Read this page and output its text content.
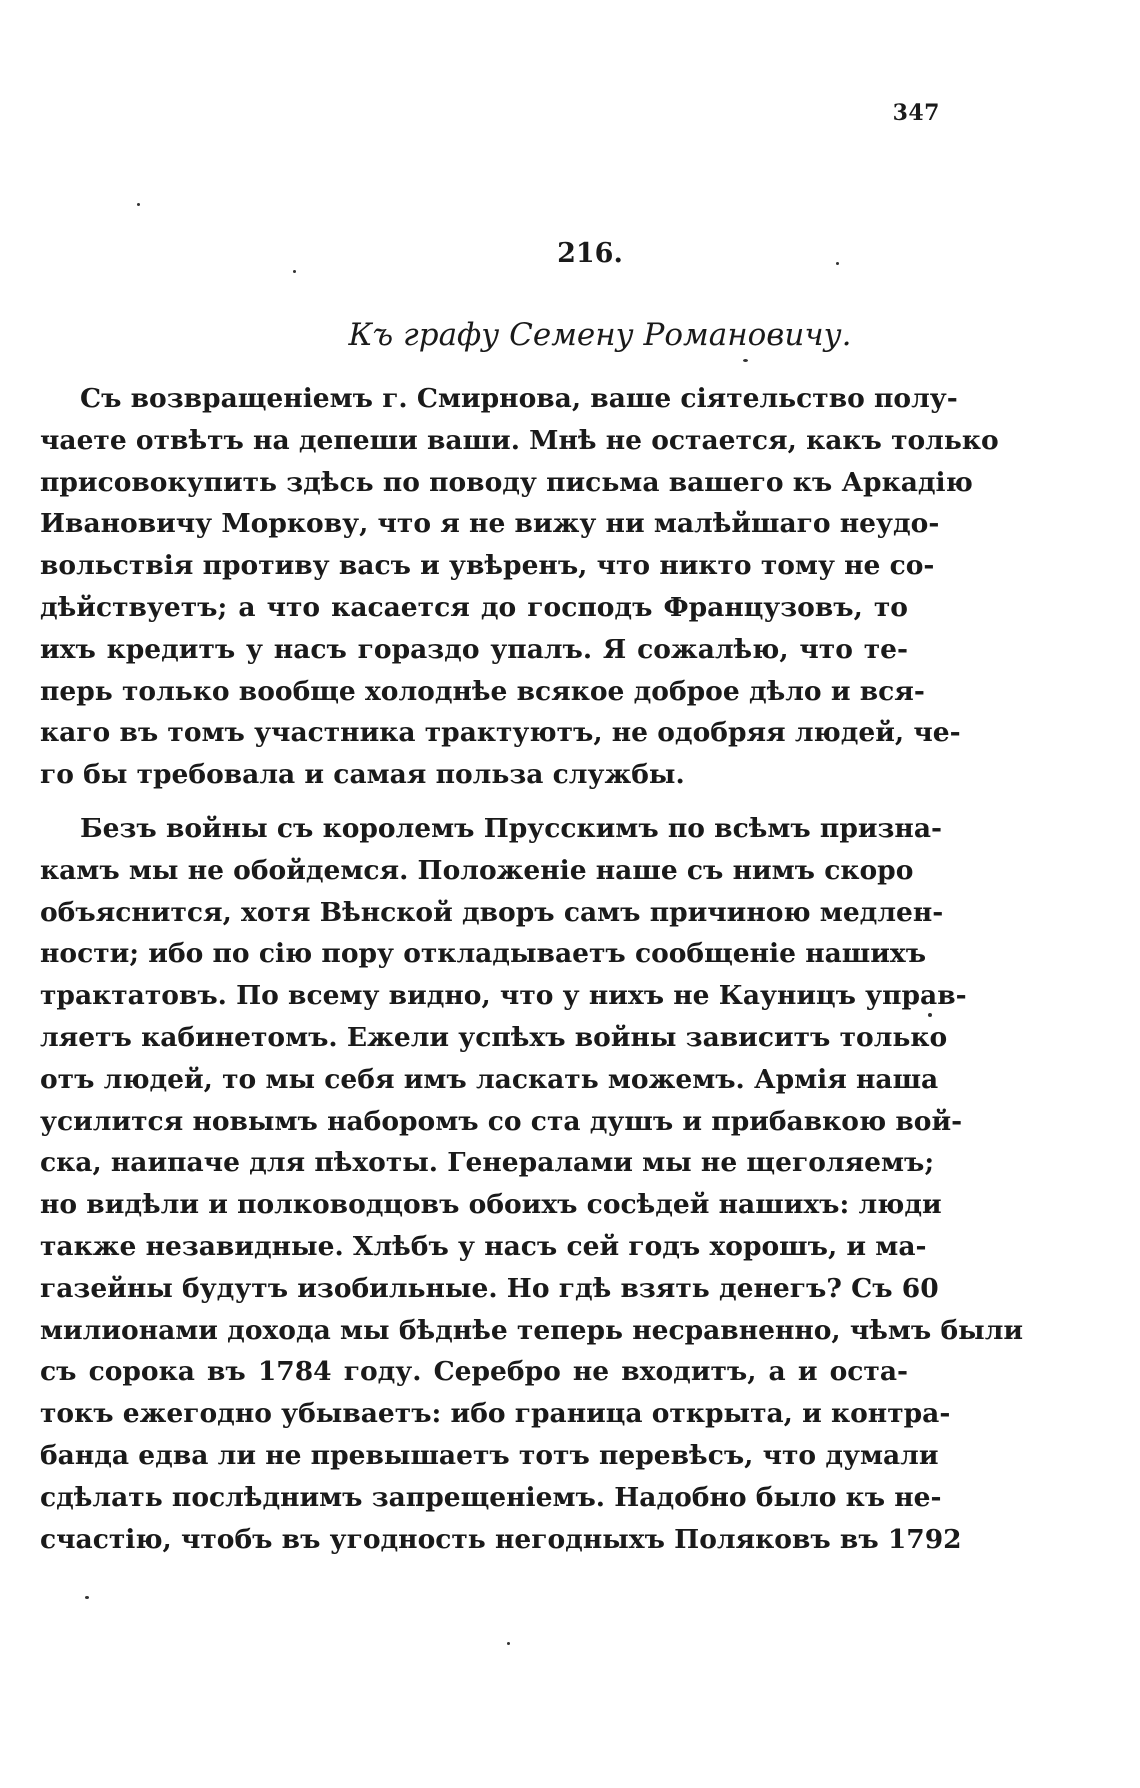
347
216.
Къ графу Семену Романовичу.
Съ возвращеніемъ г. Смирнова, ваше сіятельство полу-
чаете отвѣтъ на депеши ваши. Мнѣ не остается, какъ только
присовокупить здѣсь по поводу письма вашего къ Аркадію
Ивановичу Моркову, что я не вижу ни малѣйшаго неудо-
вольствія противу васъ и увѣренъ, что никто тому не со-
дѣйствуетъ; а что касается до господъ Французовъ, то
ихъ кредитъ у насъ гораздо упалъ. Я сожалѣю, что те-
перь только вообще холоднѣе всякое доброе дѣло и вся-
каго въ томъ участника трактуютъ, не одобряя людей, че-
го бы требовала и самая польза службы.
Безъ войны съ королемъ Прусскимъ по всѣмъ призна-
камъ мы не обойдемся. Положеніе наше съ нимъ скоро
объяснится, хотя Вѣнской дворъ самъ причиною медлен-
ности; ибо по сію пору откладываетъ сообщеніе нашихъ
трактатовъ. По всему видно, что у нихъ не Кауницъ управ-
ляетъ кабинетомъ. Ежели успѣхъ войны зависитъ только
отъ людей, то мы себя имъ ласкать можемъ. Армія наша
усилится новымъ наборомъ со ста душъ и прибавкою вой-
ска, наипаче для пѣхоты. Генералами мы не щеголяемъ;
но видѣли и полководцовъ обоихъ сосѣдей нашихъ: люди
также незавидные. Хлѣбъ у насъ сей годъ хорошъ, и ма-
газейны будутъ изобильные. Но гдѣ взять денегъ? Съ 60
милионами дохода мы бѣднѣе теперь несравненно, чѣмъ были
съ сорока въ 1784 году. Серебро не входитъ, а и оста-
токъ ежегодно убываетъ: ибо граница открыта, и контра-
банда едва ли не превышаетъ тотъ перевѣсъ, что думали
сдѣлать послѣднимъ запрещеніемъ. Надобно было къ не-
счастію, чтобъ въ угодность негодныхъ Поляковъ въ 1792
